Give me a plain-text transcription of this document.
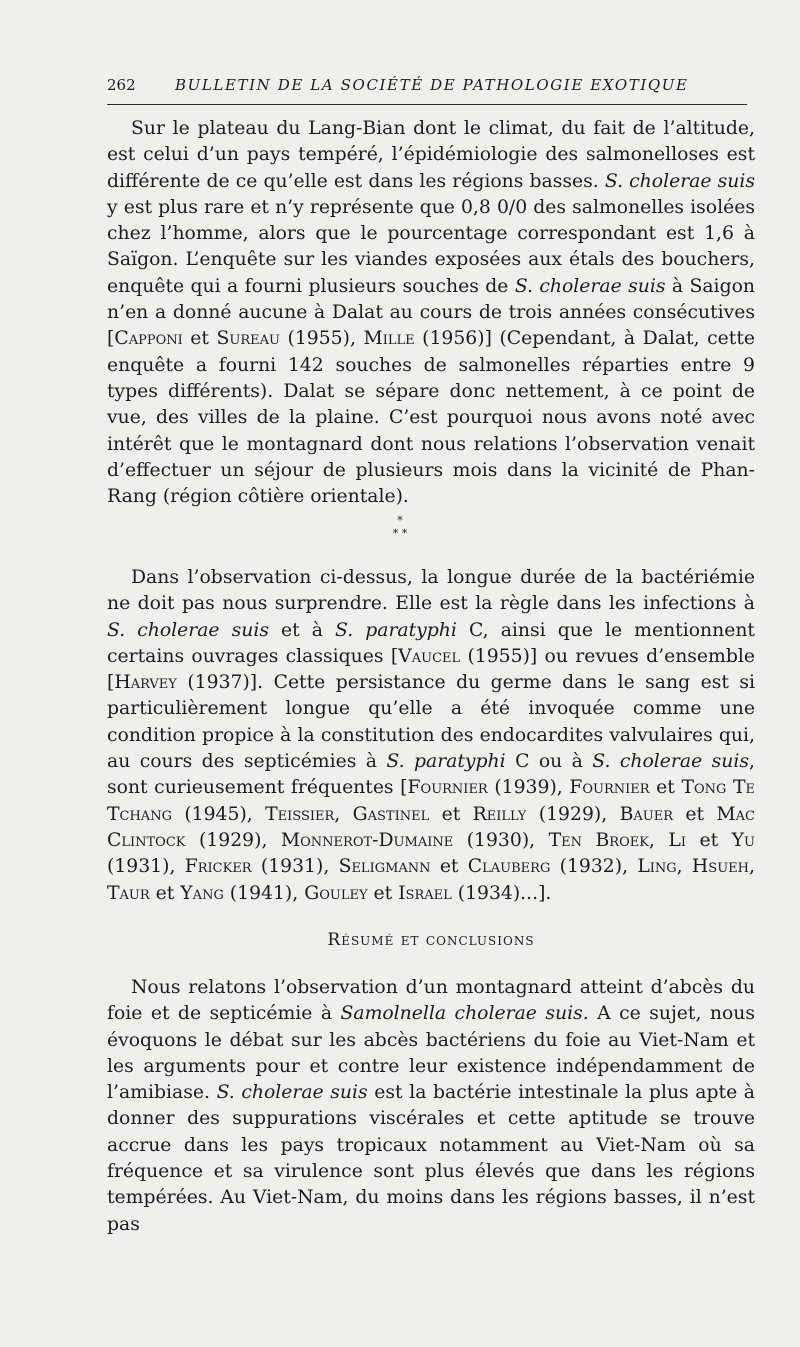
262	BULLETIN DE LA SOCIÉTÉ DE PATHOLOGIE EXOTIQUE

Sur le plateau du Lang-Bian dont le climat, du fait de l’altitude, est celui d’un pays tempéré, l’épidémiologie des salmonelloses est différente de ce qu’elle est dans les régions basses. S. cholerae suis y est plus rare et n’y représente que 0,8 0/0 des salmonelles isolées chez l’homme, alors que le pourcentage correspondant est 1,6 à Saïgon. L’enquête sur les viandes exposées aux étals des bouchers, enquête qui a fourni plusieurs souches de S. cholerae suis à Saigon n’en a donné aucune à Dalat au cours de trois années consécutives [Capponi et Sureau (1955), Mille (1956)] (Cependant, à Dalat, cette enquête a fourni 142 souches de salmonelles réparties entre 9 types différents). Dalat se sépare donc nettement, à ce point de vue, des villes de la plaine. C’est pourquoi nous avons noté avec intérêt que le montagnard dont nous relations l’observation venait d’effectuer un séjour de plusieurs mois dans la vicinité de Phan-Rang (région côtière orientale).

*
* *

Dans l’observation ci-dessus, la longue durée de la bactériémie ne doit pas nous surprendre. Elle est la règle dans les infections à S. cholerae suis et à S. paratyphi C, ainsi que le mentionnent certains ouvrages classiques [Vaucel (1955)] ou revues d’ensemble [Harvey (1937)]. Cette persistance du germe dans le sang est si particulièrement longue qu’elle a été invoquée comme une condition propice à la constitution des endocardites valvulaires qui, au cours des septicémies à S. paratyphi C ou à S. cholerae suis, sont curieusement fréquentes [Fournier (1939), Fournier et Tong Te Tchang (1945), Teissier, Gastinel et Reilly (1929), Bauer et Mac Clintock (1929), Monnerot-Dumaine (1930), Ten Broek, Li et Yu (1931), Fricker (1931), Seligmann et Clauberg (1932), Ling, Hsueh, Taur et Yang (1941), Gouley et Israel (1934)...].

Résumé et conclusions

Nous relatons l’observation d’un montagnard atteint d’abcès du foie et de septicémie à Samolnella cholerae suis. A ce sujet, nous évoquons le débat sur les abcès bactériens du foie au Viet-Nam et les arguments pour et contre leur existence indépendamment de l’amibiase. S. cholerae suis est la bactérie intestinale la plus apte à donner des suppurations viscérales et cette aptitude se trouve accrue dans les pays tropicaux notamment au Viet-Nam où sa fréquence et sa virulence sont plus élevés que dans les régions tempérées. Au Viet-Nam, du moins dans les régions basses, il n’est pas
